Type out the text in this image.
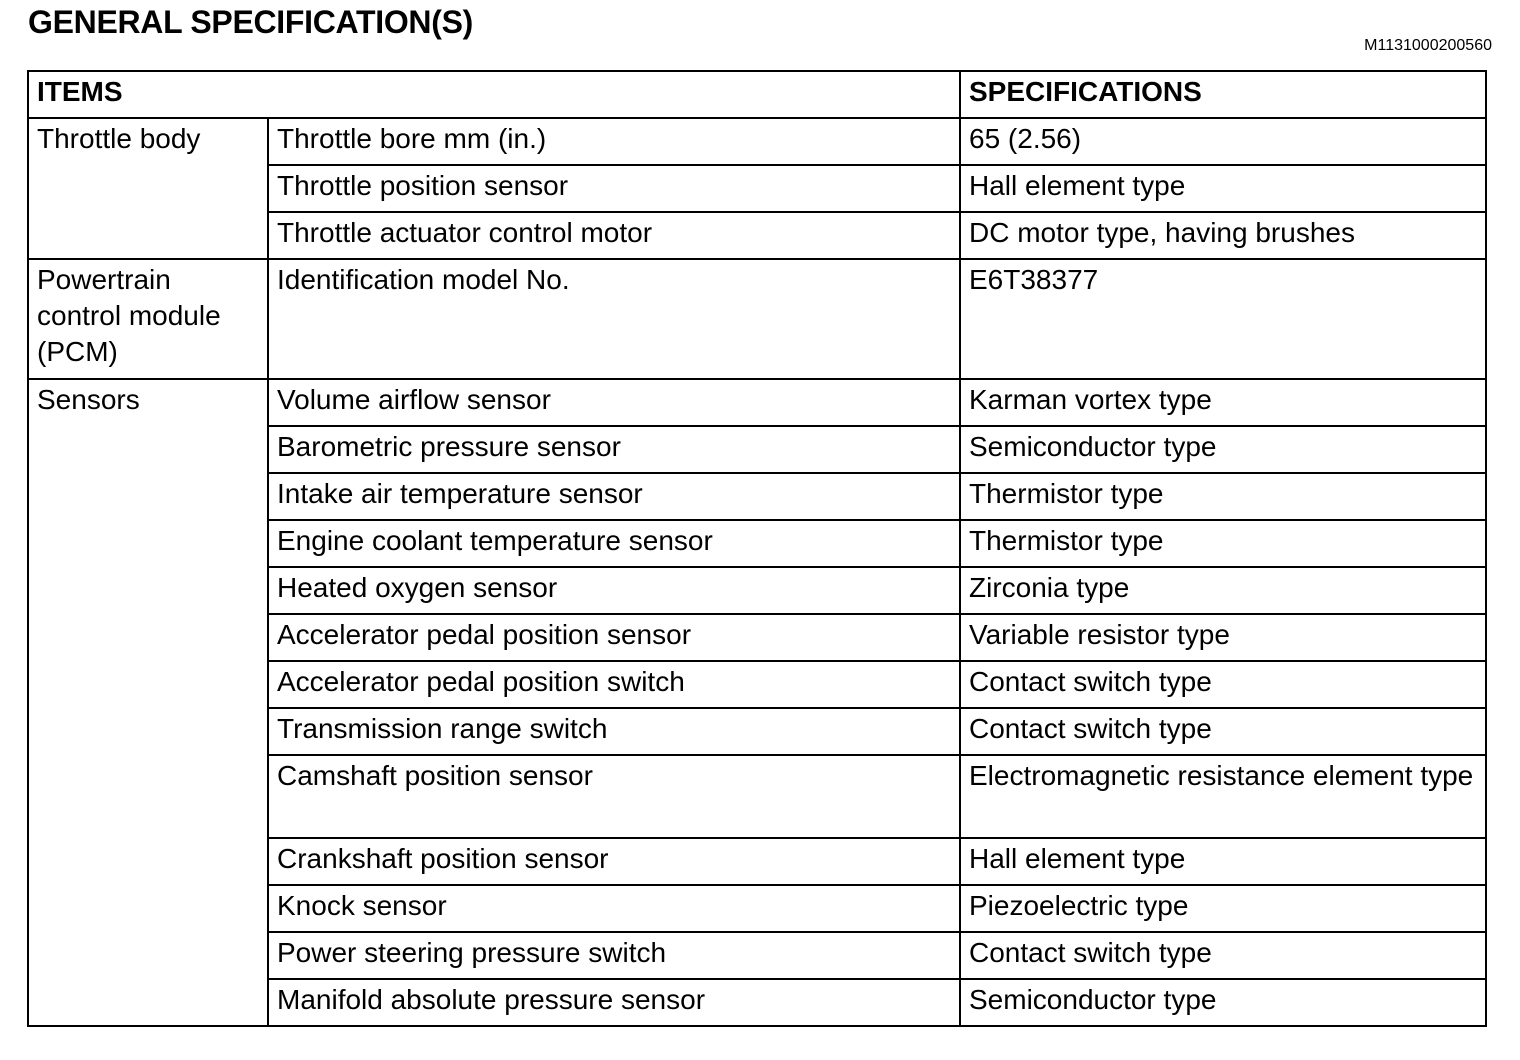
GENERAL SPECIFICATION(S)
M1131000200560
ITEMS		SPECIFICATIONS
Throttle body	Throttle bore mm (in.)	65 (2.56)
	Throttle position sensor	Hall element type
	Throttle actuator control motor	DC motor type, having brushes
Powertrain control module (PCM)	Identification model No.	E6T38377
Sensors	Volume airflow sensor	Karman vortex type
	Barometric pressure sensor	Semiconductor type
	Intake air temperature sensor	Thermistor type
	Engine coolant temperature sensor	Thermistor type
	Heated oxygen sensor	Zirconia type
	Accelerator pedal position sensor	Variable resistor type
	Accelerator pedal position switch	Contact switch type
	Transmission range switch	Contact switch type
	Camshaft position sensor	Electromagnetic resistance element type
	Crankshaft position sensor	Hall element type
	Knock sensor	Piezoelectric type
	Power steering pressure switch	Contact switch type
	Manifold absolute pressure sensor	Semiconductor type
